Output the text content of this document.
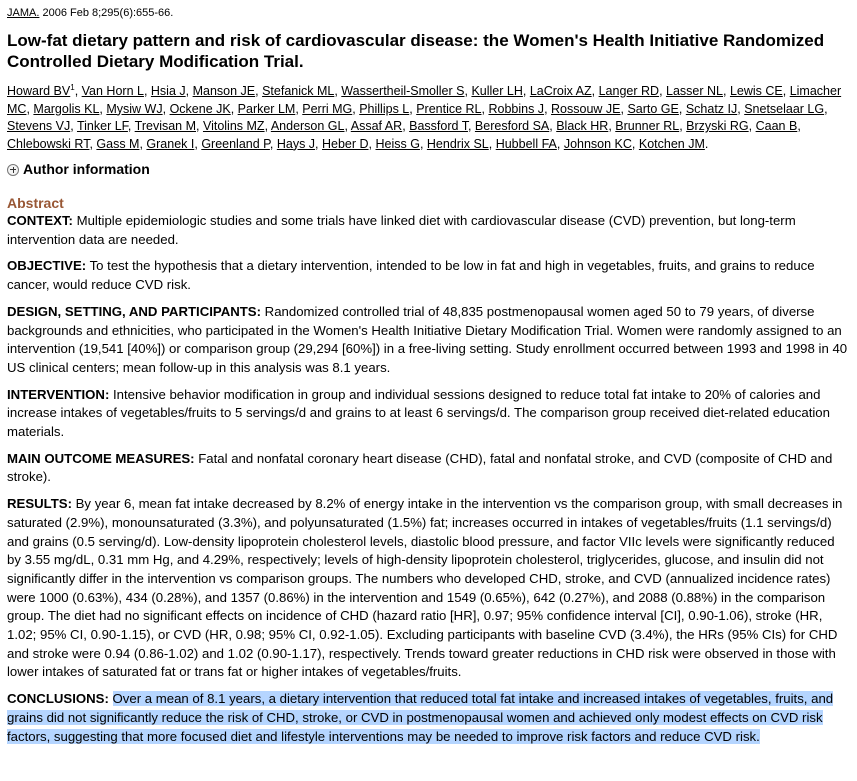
JAMA. 2006 Feb 8;295(6):655-66.
Low-fat dietary pattern and risk of cardiovascular disease: the Women's Health Initiative Randomized Controlled Dietary Modification Trial.
Howard $BV^1$, Van Horn L, Hsia J, Manson JE, Stefanick ML, Wassertheil-Smoller S, Kuller LH, LaCroix AZ, Langer RD, Lasser NL, Lewis CE, Limacher MC, Margolis KL, Mysiw WJ, Ockene JK, Parker LM, Perri MG, Phillips L, Prentice RL, Robbins J, Rossouw JE, Sarto GE, Schatz IJ, Snetselaar LG, Stevens VJ, Tinker LF, Trevisan M, Vitolins MZ, Anderson GL, Assaf AR, Bassford T, Beresford SA, Black HR, Brunner RL, Brzyski RG, Caan B, Chlebowski RT, Gass M, Granek I, Greenland P, Hays J, Heber D, Heiss G, Hendrix SL, Hubbell FA, Johnson KC, Kotchen JM.
Author information
Abstract

CONTEXT: Multiple epidemiologic studies and some trials have linked diet with cardiovascular disease (CVD) prevention, but long-term intervention data are needed.

OBJECTIVE: To test the hypothesis that a dietary intervention, intended to be low in fat and high in vegetables, fruits, and grains to reduce cancer, would reduce CVD risk.

DESIGN, SETTING, AND PARTICIPANTS: Randomized controlled trial of 48,835 postmenopausal women aged 50 to 79 years, of diverse backgrounds and ethnicities, who participated in the Women's Health Initiative Dietary Modification Trial. Women were randomly assigned to an intervention (19,541 [40%]) or comparison group (29,294 [60%]) in a free-living setting. Study enrollment occurred between 1993 and 1998 in 40 US clinical centers; mean follow-up in this analysis was 8.1 years.

INTERVENTION: Intensive behavior modification in group and individual sessions designed to reduce total fat intake to 20% of calories and increase intakes of vegetables/fruits to 5 servings/d and grains to at least 6 servings/d. The comparison group received diet-related education materials.

MAIN OUTCOME MEASURES: Fatal and nonfatal coronary heart disease (CHD), fatal and nonfatal stroke, and CVD (composite of CHD and stroke).

RESULTS: By year 6, mean fat intake decreased by 8.2% of energy intake in the intervention vs the comparison group, with small decreases in saturated (2.9%), monounsaturated (3.3%), and polyunsaturated (1.5%) fat; increases occurred in intakes of vegetables/fruits (1.1 servings/d) and grains (0.5 serving/d). Low-density lipoprotein cholesterol levels, diastolic blood pressure, and factor VIIc levels were significantly reduced by 3.55 mg/dL, 0.31 mm Hg, and 4.29%, respectively; levels of high-density lipoprotein cholesterol, triglycerides, glucose, and insulin did not significantly differ in the intervention vs comparison groups. The numbers who developed CHD, stroke, and CVD (annualized incidence rates) were 1000 (0.63%), 434 (0.28%), and 1357 (0.86%) in the intervention and 1549 (0.65%), 642 (0.27%), and 2088 (0.88%) in the comparison group. The diet had no significant effects on incidence of CHD (hazard ratio [HR], 0.97; 95% confidence interval [CI], 0.90-1.06), stroke (HR, 1.02; 95% CI, 0.90-1.15), or CVD (HR, 0.98; 95% CI, 0.92-1.05). Excluding participants with baseline CVD (3.4%), the HRs (95% CIs) for CHD and stroke were 0.94 (0.86-1.02) and 1.02 (0.90-1.17), respectively. Trends toward greater reductions in CHD risk were observed in those with lower intakes of saturated fat or trans fat or higher intakes of vegetables/fruits.

CONCLUSIONS: Over a mean of 8.1 years, a dietary intervention that reduced total fat intake and increased intakes of vegetables, fruits, and grains did not significantly reduce the risk of CHD, stroke, or CVD in postmenopausal women and achieved only modest effects on CVD risk factors, suggesting that more focused diet and lifestyle interventions may be needed to improve risk factors and reduce CVD risk.
